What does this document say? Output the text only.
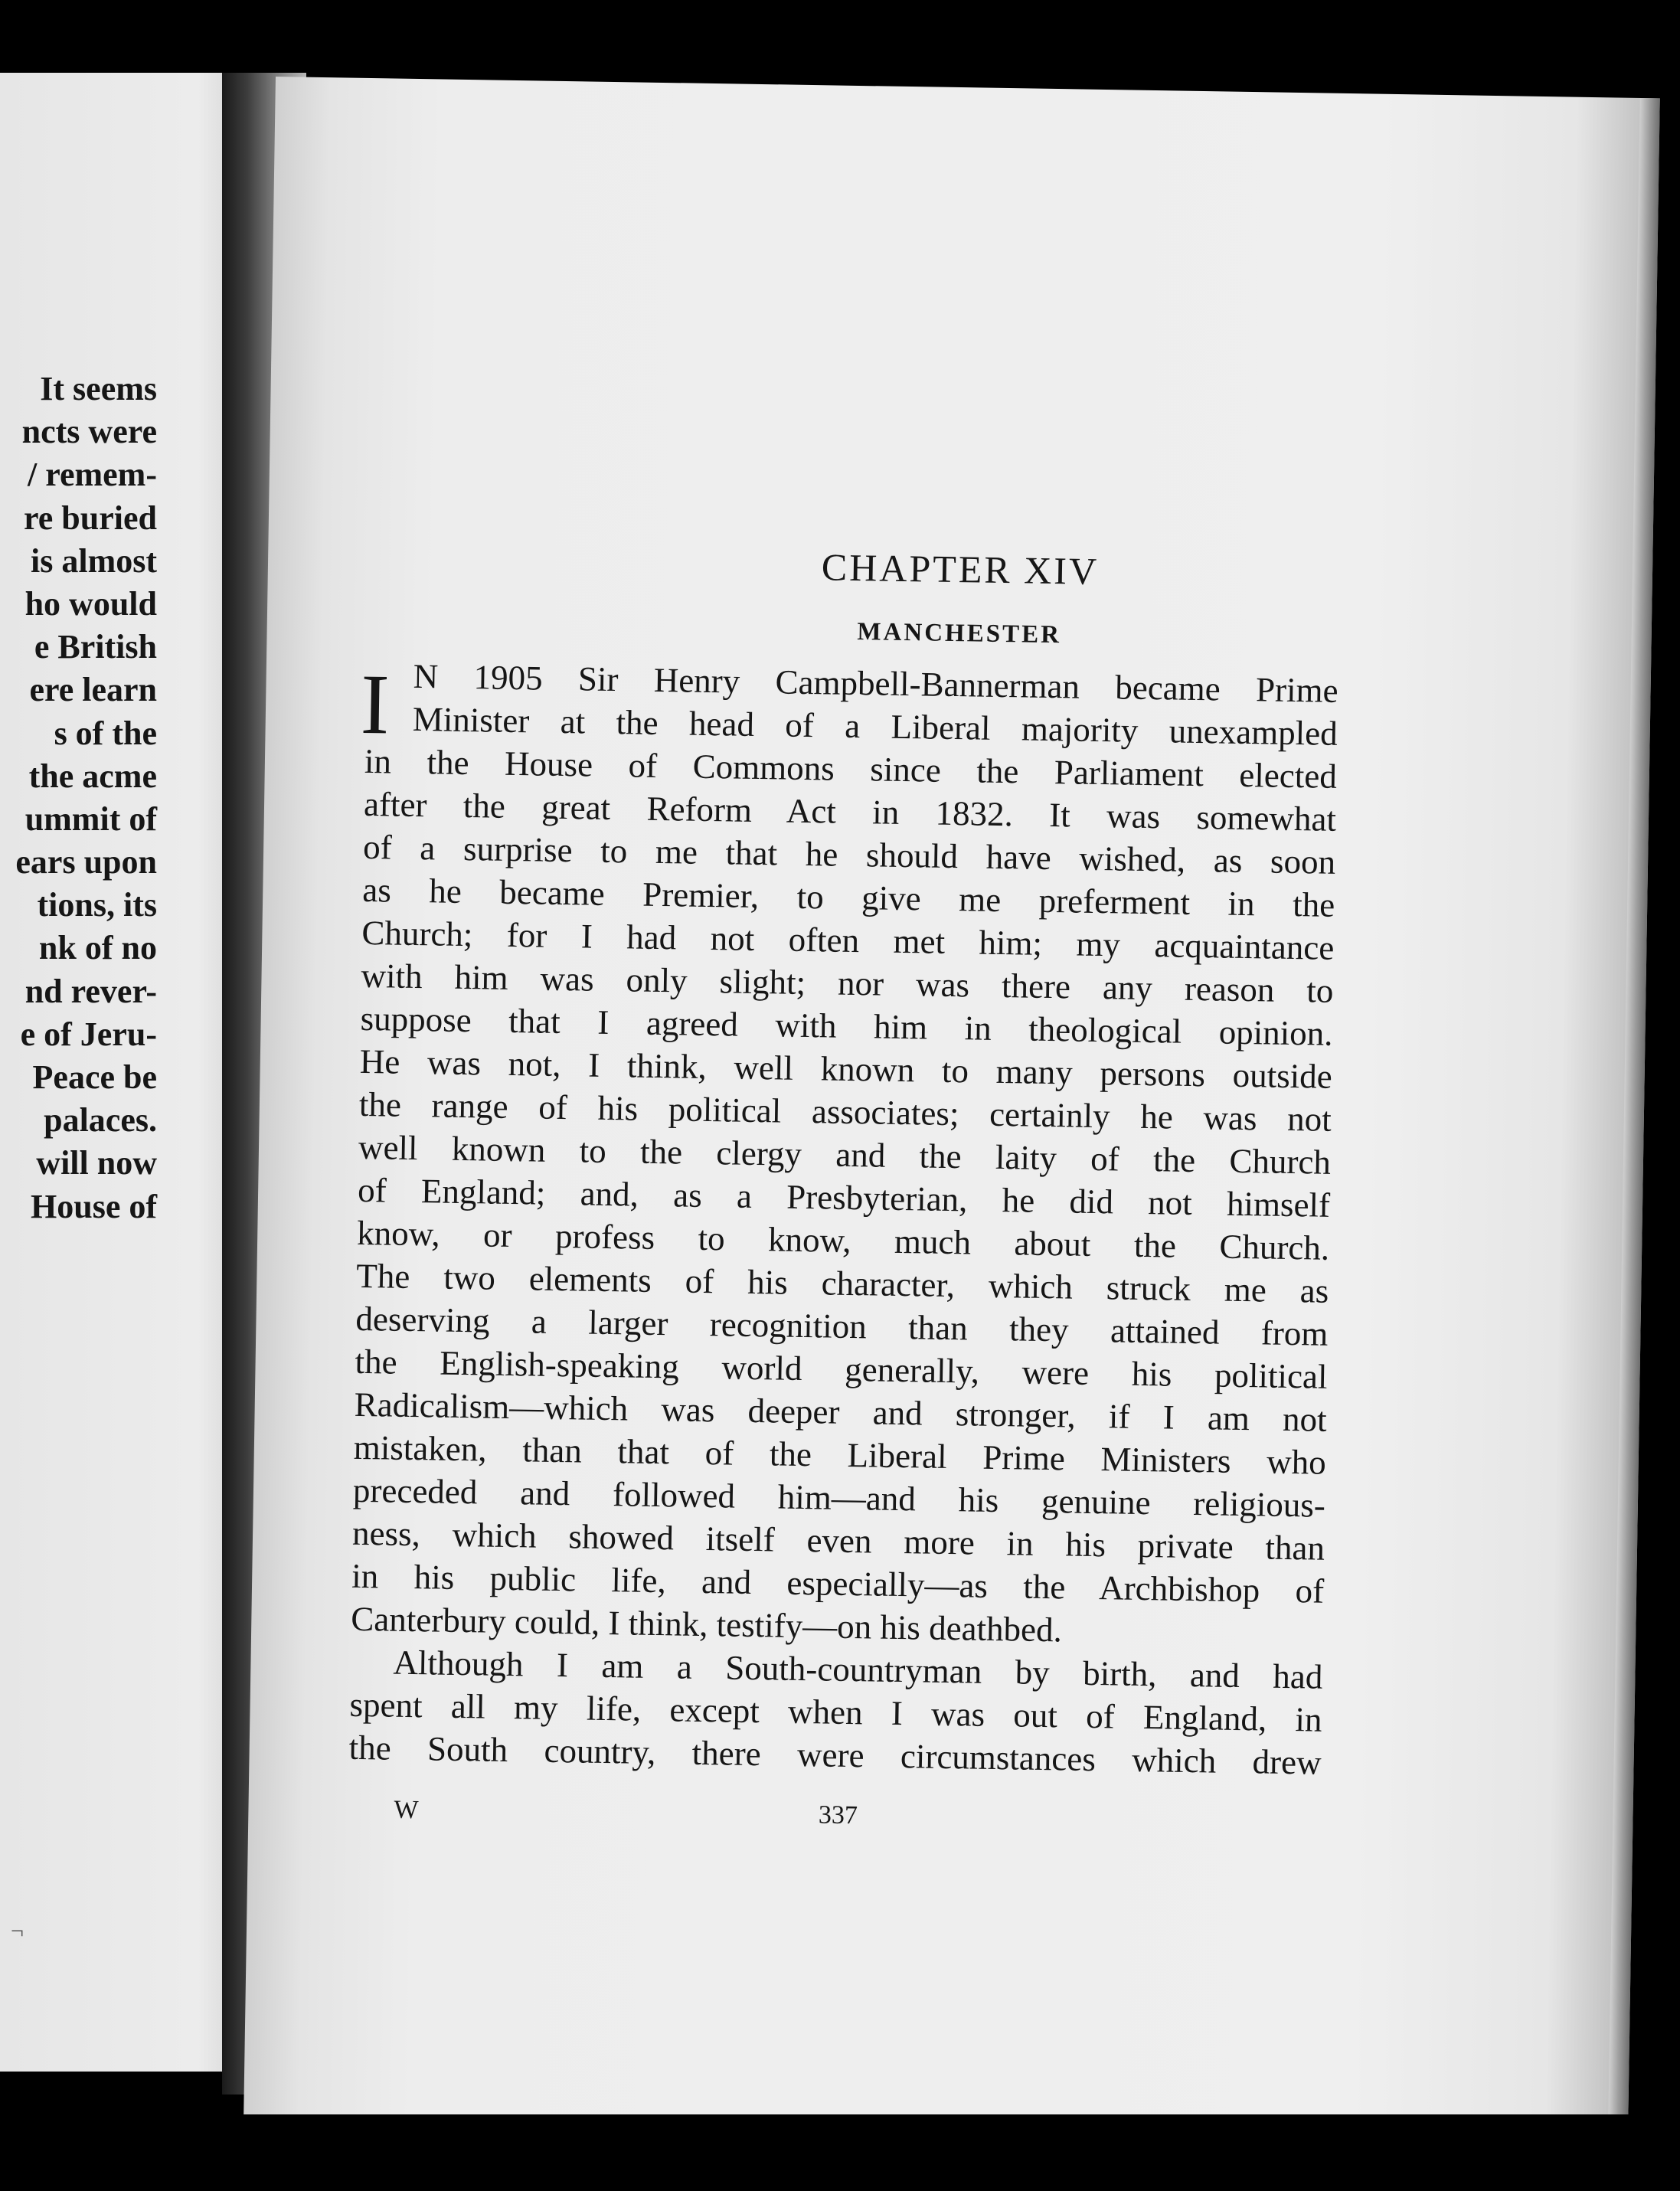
It seems
ncts were
/ remem-
re buried
is almost
ho would
e British
ere learn
s of the
the acme
ummit of
ears upon
tions, its
nk of no
nd rever-
e of Jeru-
Peace be
palaces.
will now
House of
¬
CHAPTER XIV
MANCHESTER
I N 1905 Sir Henry Campbell-Bannerman became Prime
Minister at the head of a Liberal majority unexampled
in the House of Commons since the Parliament elected
after the great Reform Act in 1832. It was somewhat
of a surprise to me that he should have wished, as soon
as he became Premier, to give me preferment in the
Church; for I had not often met him; my acquaintance
with him was only slight; nor was there any reason to
suppose that I agreed with him in theological opinion.
He was not, I think, well known to many persons outside
the range of his political associates; certainly he was not
well known to the clergy and the laity of the Church
of England; and, as a Presbyterian, he did not himself
know, or profess to know, much about the Church.
The two elements of his character, which struck me as
deserving a larger recognition than they attained from
the English-speaking world generally, were his political
Radicalism—which was deeper and stronger, if I am not
mistaken, than that of the Liberal Prime Ministers who
preceded and followed him—and his genuine religious-
ness, which showed itself even more in his private than
in his public life, and especially—as the Archbishop of
Canterbury could, I think, testify—on his deathbed.
Although I am a South-countryman by birth, and had
spent all my life, except when I was out of England, in
the South country, there were circumstances which drew
W	337
